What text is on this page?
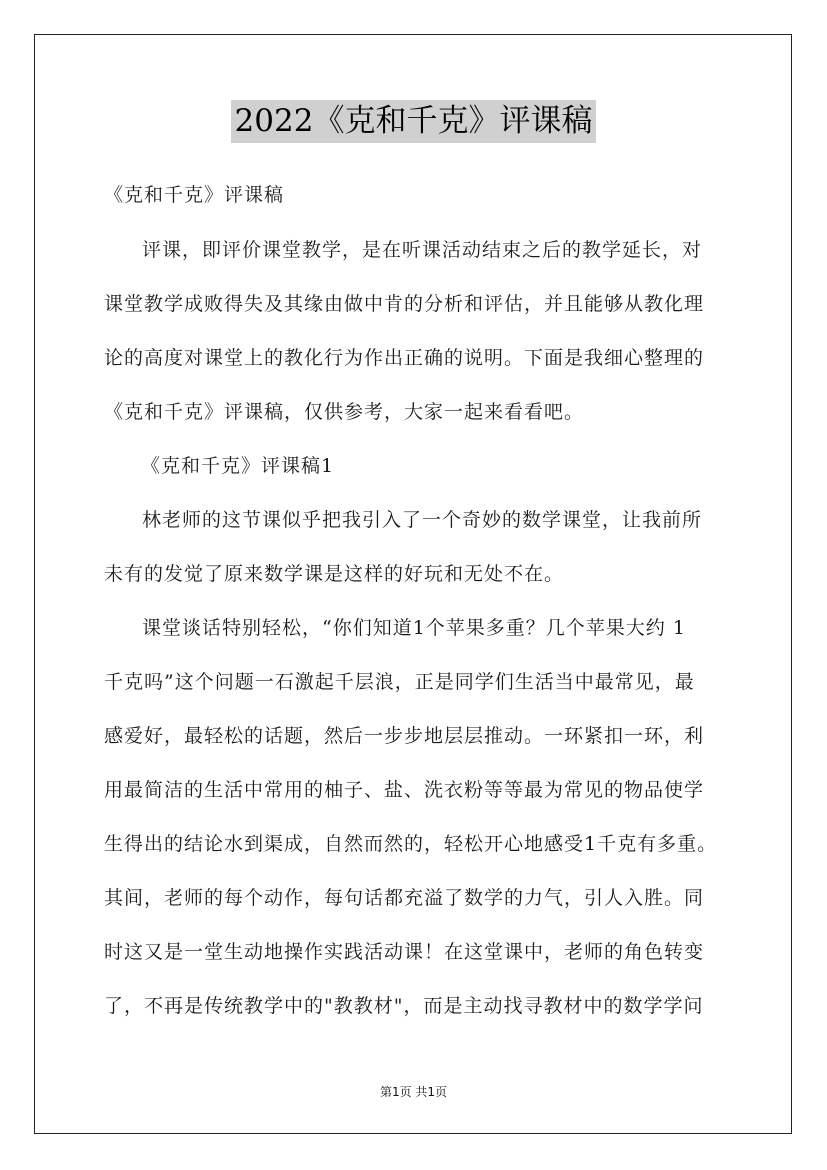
2022《克和千克》评课稿
《克和千克》评课稿
评课，即评价课堂教学，是在听课活动结束之后的教学延长，对
课堂教学成败得失及其缘由做中肯的分析和评估，并且能够从教化理
论的高度对课堂上的教化行为作出正确的说明。下面是我细心整理的
《克和千克》评课稿，仅供参考，大家一起来看看吧。
《克和千克》评课稿1
林老师的这节课似乎把我引入了一个奇妙的数学课堂，让我前所
未有的发觉了原来数学课是这样的好玩和无处不在。
课堂谈话特别轻松，“你们知道1个苹果多重？几个苹果大约 1
千克吗”这个问题一石激起千层浪，正是同学们生活当中最常见，最
感爱好，最轻松的话题，然后一步步地层层推动。一环紧扣一环，利
用最简洁的生活中常用的柚子、盐、洗衣粉等等最为常见的物品使学
生得出的结论水到渠成，自然而然的，轻松开心地感受1千克有多重。
其间，老师的每个动作，每句话都充溢了数学的力气，引人入胜。同
时这又是一堂生动地操作实践活动课！在这堂课中，老师的角色转变
了，不再是传统教学中的"教教材"，而是主动找寻教材中的数学学问
第1页 共1页
